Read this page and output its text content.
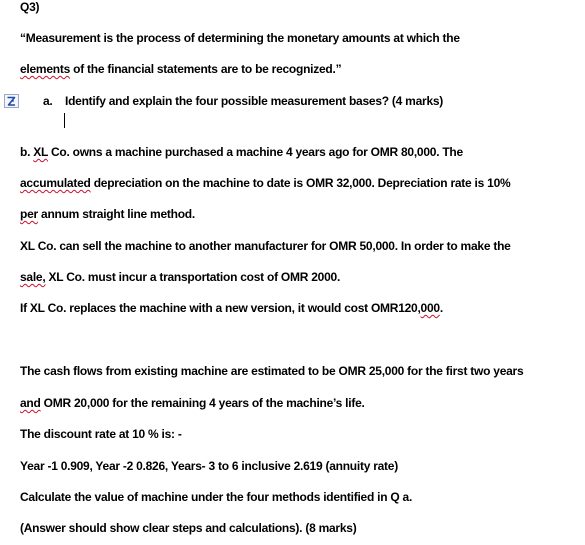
Q3)
“Measurement is the process of determining the monetary amounts at which the
elements of the financial statements are to be recognized.”
a. Identify and explain the four possible measurement bases? (4 marks)
b. XL Co. owns a machine purchased a machine 4 years ago for OMR 80,000. The
accumulated depreciation on the machine to date is OMR 32,000. Depreciation rate is 10%
per annum straight line method.
XL Co. can sell the machine to another manufacturer for OMR 50,000. In order to make the
sale, XL Co. must incur a transportation cost of OMR 2000.
If XL Co. replaces the machine with a new version, it would cost OMR120,000.
The cash flows from existing machine are estimated to be OMR 25,000 for the first two years
and OMR 20,000 for the remaining 4 years of the machine’s life.
The discount rate at 10 % is: -
Year -1 0.909, Year -2 0.826, Years- 3 to 6 inclusive 2.619 (annuity rate)
Calculate the value of machine under the four methods identified in Q a.
(Answer should show clear steps and calculations). (8 marks)
